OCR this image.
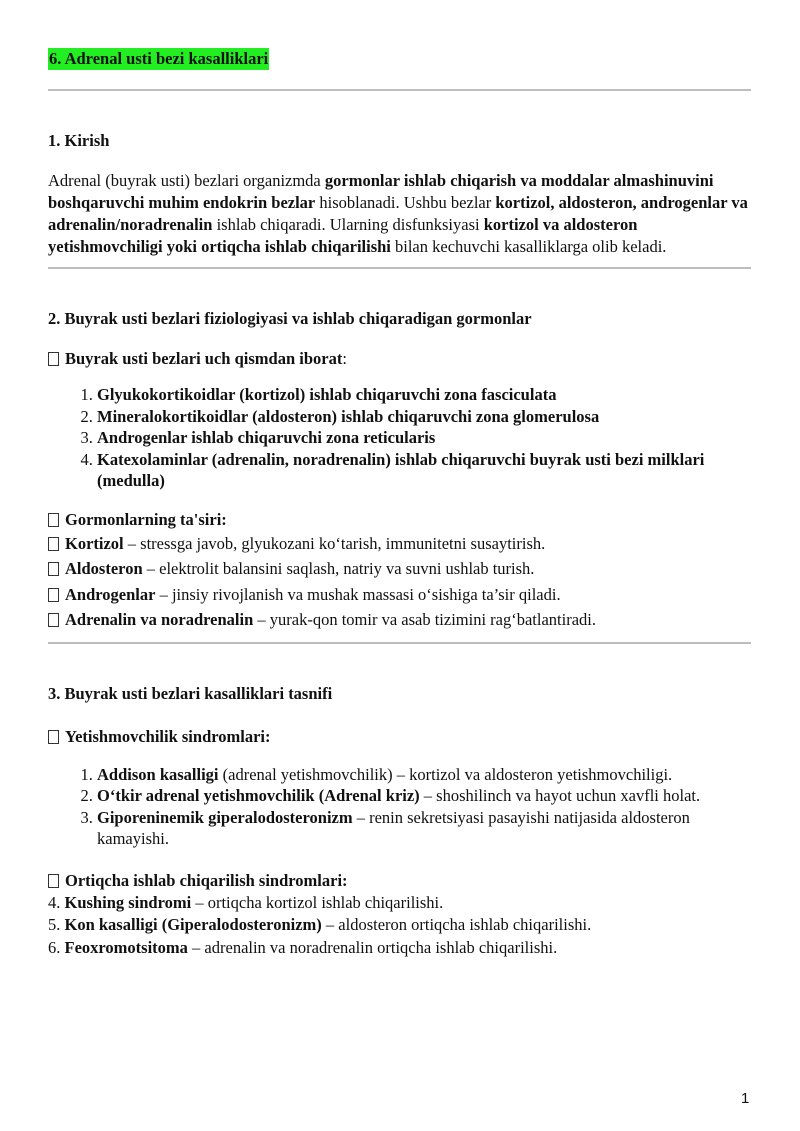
6. Adrenal usti bezi kasalliklari
1. Kirish

Adrenal (buyrak usti) bezlari organizmda gormonlar ishlab chiqarish va moddalar almashinuvini boshqaruvchi muhim endokrin bezlar hisoblanadi. Ushbu bezlar kortizol, aldosteron, androgenlar va adrenalin/noradrenalin ishlab chiqaradi. Ularning disfunksiyasi kortizol va aldosteron yetishmovchiligi yoki ortiqcha ishlab chiqarilishi bilan kechuvchi kasalliklarga olib keladi.

2. Buyrak usti bezlari fiziologiyasi va ishlab chiqaradigan gormonlar

Buyrak usti bezlari uch qismdan iborat:

1. Glyukokortikoidlar (kortizol) ishlab chiqaruvchi zona fasciculata
2. Mineralokortikoidlar (aldosteron) ishlab chiqaruvchi zona glomerulosa
3. Androgenlar ishlab chiqaruvchi zona reticularis
4. Katexolaminlar (adrenalin, noradrenalin) ishlab chiqaruvchi buyrak usti bezi milklari (medulla)

Gormonlarning ta'siri:

Kortizol – stressga javob, glyukozani ko‘tarish, immunitetni susaytirish.
Aldosteron – elektrolit balansini saqlash, natriy va suvni ushlab turish.
Androgenlar – jinsiy rivojlanish va mushak massasi o‘sishiga ta’sir qiladi.
Adrenalin va noradrenalin – yurak-qon tomir va asab tizimini rag‘batlantiradi.
3. Buyrak usti bezlari kasalliklari tasnifi

Yetishmovchilik sindromlari:

1. Addison kasalligi (adrenal yetishmovchilik) – kortizol va aldosteron yetishmovchiligi.
2. O‘tkir adrenal yetishmovchilik (Adrenal kriz) – shoshilinch va hayot uchun xavfli holat.
3. Giporeninemik giperalodosteronizm – renin sekretsiyasi pasayishi natijasida aldosteron kamayishi.

Ortiqcha ishlab chiqarilish sindromlari:

4. Kushing sindromi – ortiqcha kortizol ishlab chiqarilishi.
5. Kon kasalligi (Giperalodosteronizm) – aldosteron ortiqcha ishlab chiqarilishi.
6. Feoxromotsitoma – adrenalin va noradrenalin ortiqcha ishlab chiqarilishi.
1
